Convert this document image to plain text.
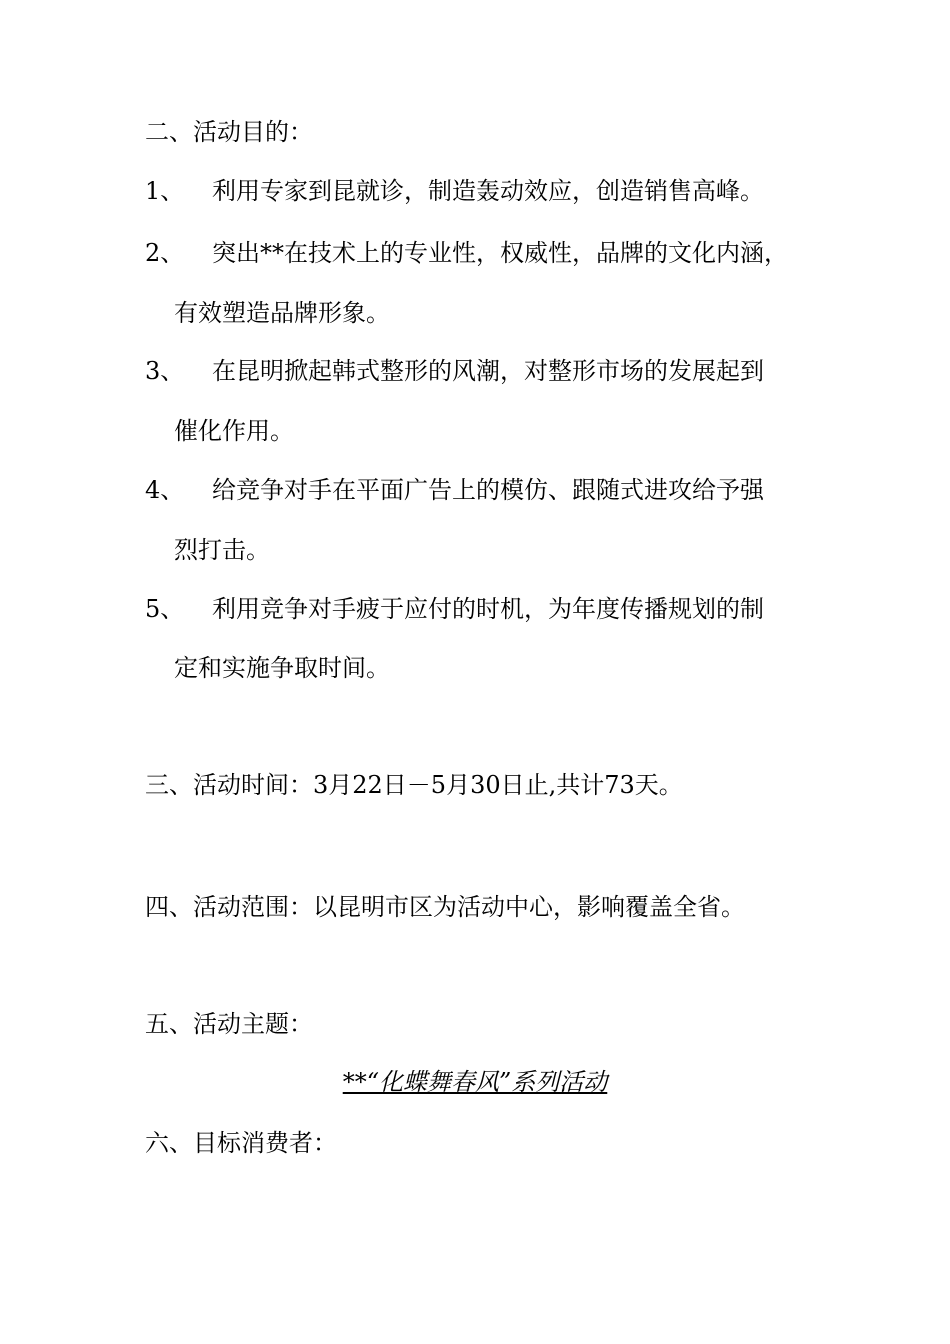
二、活动目的：
1、 利用专家到昆就诊，制造轰动效应，创造销售高峰。
2、 突出**在技术上的专业性，权威性，品牌的文化内涵，
有效塑造品牌形象。
3、 在昆明掀起韩式整形的风潮，对整形市场的发展起到
催化作用。
4、 给竞争对手在平面广告上的模仿、跟随式进攻给予强
烈打击。
5、 利用竞争对手疲于应付的时机，为年度传播规划的制
定和实施争取时间。
三、活动时间：3月22日－5月30日止,共计73天。
四、活动范围：以昆明市区为活动中心，影响覆盖全省。
五、活动主题：
**“化蝶舞春风”系列活动
六、目标消费者：
